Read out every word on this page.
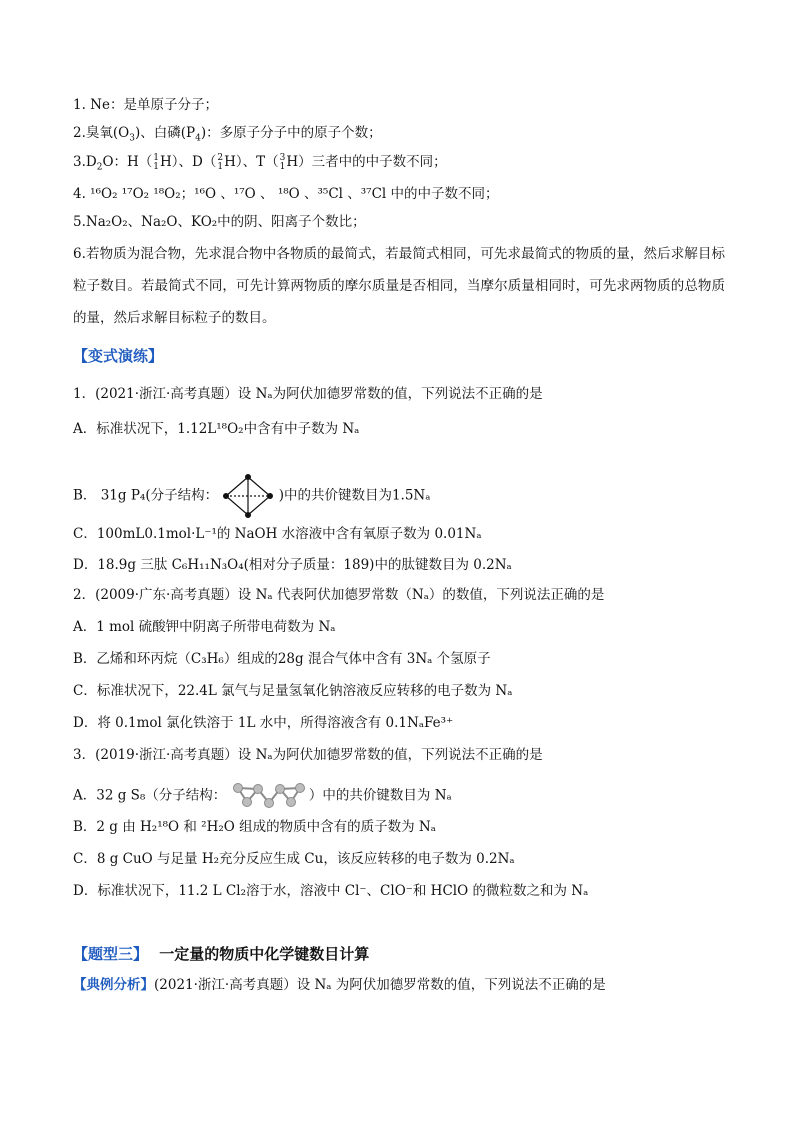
1. Ne：是单原子分子；
2.臭氧$(O_3)$、白磷$(P_4)$：多原子分子中的原子个数；
$3.D_2O$：H（ 1
1 H）、D（ 2
1 H）、T（ 3
1 H）三者中的中子数不同；
4. ¹⁶O₂ ¹⁷O₂ ¹⁸O₂；¹⁶O 、¹⁷O 、 ¹⁸O 、³⁵Cl 、³⁷Cl 中的中子数不同；
5.Na₂O₂、Na₂O、KO₂中的阴、阳离子个数比；
6.若物质为混合物，先求混合物中各物质的最简式，若最简式相同，可先求最简式的物质的量，然后求解目标粒子数目。若最简式不同，可先计算两物质的摩尔质量是否相同，当摩尔质量相同时，可先求两物质的总物质的量，然后求解目标粒子的数目。
【变式演练】
1．(2021·浙江·高考真题）设 Nₐ为阿伏加德罗常数的值，下列说法不正确的是
A．标准状况下，1.12L¹⁸O₂中含有中子数为 Nₐ
B． 31g P₄(分子结构：	)中的共价键数目为1.5Nₐ
C．100mL0.1mol·L⁻¹的 NaOH 水溶液中含有氧原子数为 0.01Nₐ
D．18.9g 三肽 C₆H₁₁N₃O₄(相对分子质量：189)中的肽键数目为 0.2Nₐ
2．(2009·广东·高考真题）设 Nₐ 代表阿伏加德罗常数（Nₐ）的数值，下列说法正确的是
A．1 mol 硫酸钾中阴离子所带电荷数为 Nₐ
B．乙烯和环丙烷（C₃H₆）组成的28g 混合气体中含有 3Nₐ 个氢原子
C．标准状况下，22.4L 氯气与足量氢氧化钠溶液反应转移的电子数为 Nₐ
D．将 0.1mol 氯化铁溶于 1L 水中，所得溶液含有 0.1NₐFe³⁺
3．(2019·浙江·高考真题）设 Nₐ为阿伏加德罗常数的值，下列说法不正确的是
A．32 g S₈（分子结构：	）中的共价键数目为 Nₐ
B．2 g 由 H₂¹⁸O 和 ²H₂O 组成的物质中含有的质子数为 Nₐ
C．8 g CuO 与足量 H₂充分反应生成 Cu，该反应转移的电子数为 0.2Nₐ
D．标准状况下，11.2 L Cl₂溶于水，溶液中 Cl⁻、ClO⁻和 HClO 的微粒数之和为 Nₐ
【题型三】 一定量的物质中化学键数目计算
【典例分析】(2021·浙江·高考真题）设 Nₐ 为阿伏加德罗常数的值，下列说法不正确的是
